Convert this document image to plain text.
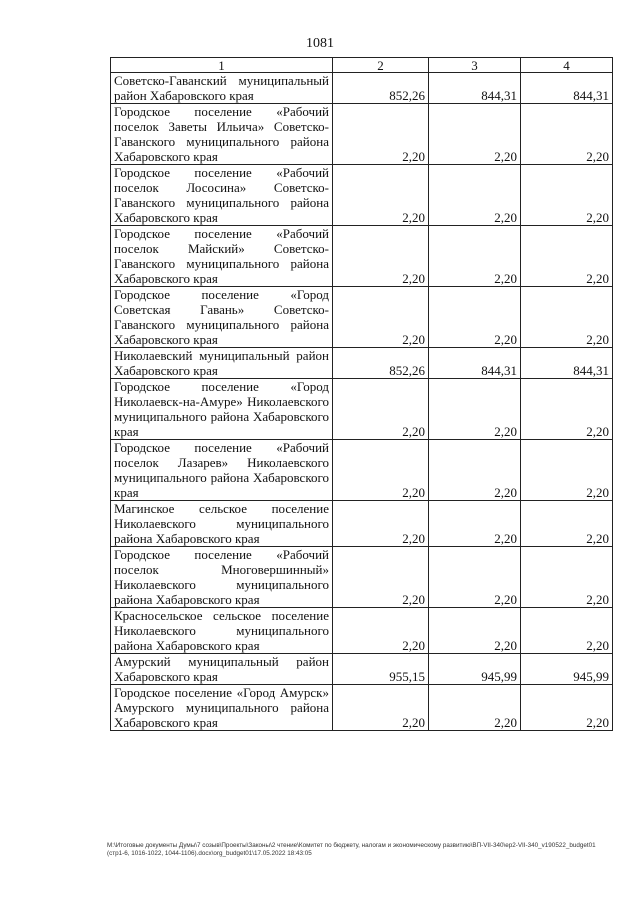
1081
1	2	3	4
Советско-Гаванский муниципальный район Хабаровского края	852,26	844,31	844,31
Городское поселение «Рабочий поселок Заветы Ильича» Советско-Гаванского муниципального района Хабаровского края	2,20	2,20	2,20
Городское поселение «Рабочий поселок Лососина» Советско-Гаванского муниципального района Хабаровского края	2,20	2,20	2,20
Городское поселение «Рабочий поселок Майский» Советско-Гаванского муниципального района Хабаровского края	2,20	2,20	2,20
Городское поселение «Город Советская Гавань» Советско-Гаванского муниципального района Хабаровского края	2,20	2,20	2,20
Николаевский муниципальный район Хабаровского края	852,26	844,31	844,31
Городское поселение «Город Николаевск-на-Амуре» Николаевского муниципального района Хабаровского края	2,20	2,20	2,20
Городское поселение «Рабочий поселок Лазарев» Николаевского муниципального района Хабаровского края	2,20	2,20	2,20
Магинское сельское поселение Николаевского муниципального района Хабаровского края	2,20	2,20	2,20
Городское поселение «Рабочий поселок Многовершинный» Николаевского муниципального района Хабаровского края	2,20	2,20	2,20
Красносельское сельское поселение Николаевского муниципального района Хабаровского края	2,20	2,20	2,20
Амурский муниципальный район Хабаровского края	955,15	945,99	945,99
Городское поселение «Город Амурск» Амурского муниципального района Хабаровского края	2,20	2,20	2,20
M:\Итоговые документы Думы\7 созыв\Проекты\Законы\2 чтение\Комитет по бюджету, налогам и экономическому развитию\ВП-VII-340\ep2-VII-340_v190522_budget01 (стр1-6, 1016-1022, 1044-1106).docx\org_budget01\17.05.2022 18:43:05
